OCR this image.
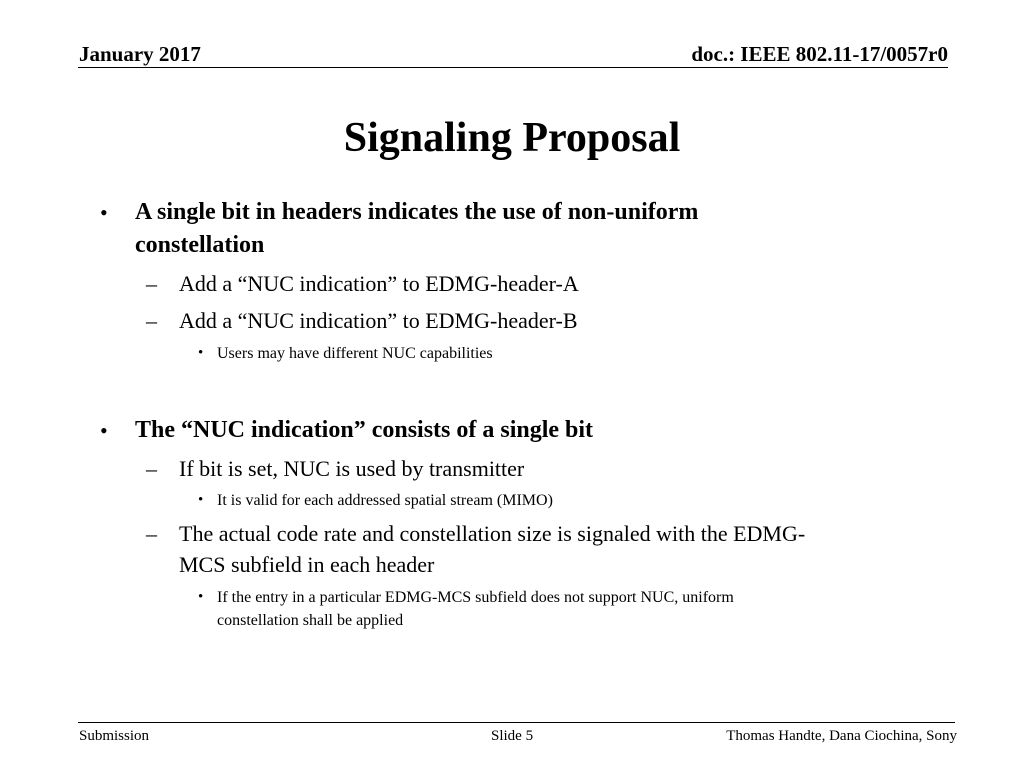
January 2017	doc.: IEEE 802.11-17/0057r0
Signaling Proposal
• A single bit in headers indicates the use of non-uniform
constellation
– Add a “NUC indication” to EDMG-header-A
– Add a “NUC indication” to EDMG-header-B
• Users may have different NUC capabilities
• The “NUC indication” consists of a single bit
– If bit is set, NUC is used by transmitter
• It is valid for each addressed spatial stream (MIMO)
– The actual code rate and constellation size is signaled with the EDMG-
MCS subfield in each header
• If the entry in a particular EDMG-MCS subfield does not support NUC, uniform
constellation shall be applied
Submission	Slide 5	Thomas Handte, Dana Ciochina, Sony
